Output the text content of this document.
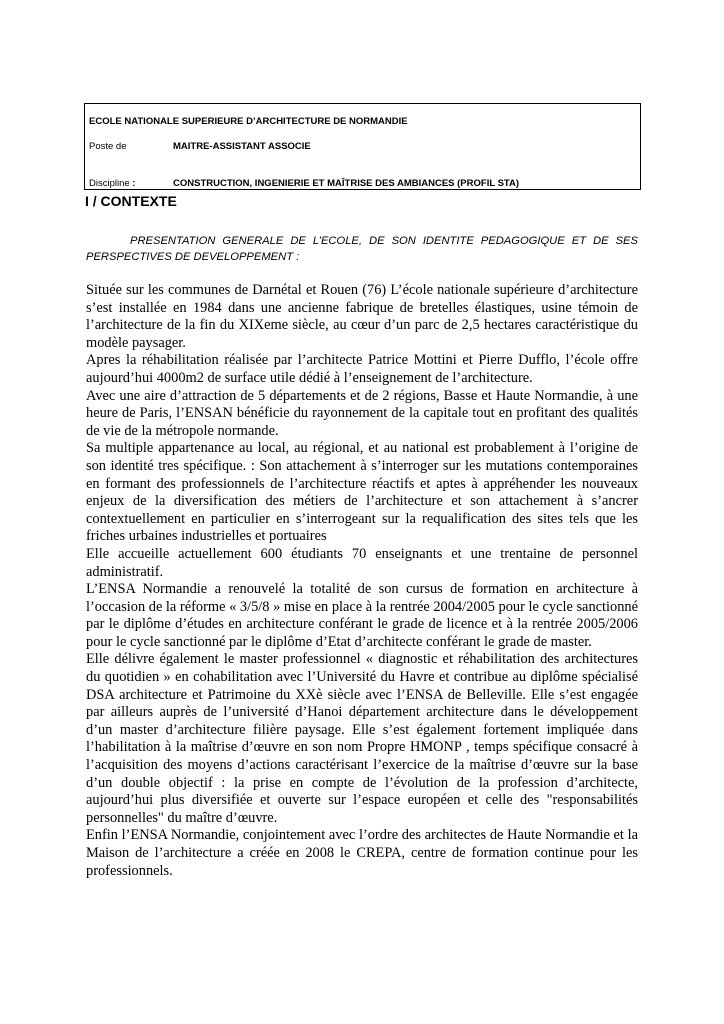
ECOLE NATIONALE SUPERIEURE D’ARCHITECTURE DE NORMANDIE
Poste de	MAITRE-ASSISTANT ASSOCIE
Discipline :	CONSTRUCTION, INGENIERIE ET MAÎTRISE DES AMBIANCES (PROFIL STA)
I / CONTEXTE

PRESENTATION GENERALE DE L’ECOLE, DE SON IDENTITE PEDAGOGIQUE ET DE SES PERSPECTIVES DE DEVELOPPEMENT :

Située sur les communes de Darnétal et Rouen (76) L’école nationale supérieure d’architecture s’est installée en 1984 dans une ancienne fabrique de bretelles élastiques, usine témoin de l’architecture de la fin du XIXeme siècle, au cœur d’un parc de 2,5 hectares caractéristique du modèle paysager.

Apres la réhabilitation réalisée par l’architecte Patrice Mottini et Pierre Dufflo, l’école offre aujourd’hui 4000m2 de surface utile dédié à l’enseignement de l’architecture.

Avec une aire d’attraction de 5 départements et de 2 régions, Basse et Haute Normandie, à une heure de Paris, l’ENSAN bénéficie du rayonnement de la capitale tout en profitant des qualités de vie de la métropole normande.

Sa multiple appartenance au local, au régional, et au national est probablement à l’origine de son identité tres spécifique. : Son attachement à s’interroger sur les mutations contemporaines en formant des professionnels de l’architecture réactifs et aptes à appréhender les nouveaux enjeux de la diversification des métiers de l’architecture et son attachement à s’ancrer contextuellement en particulier en s’interrogeant sur la requalification des sites tels que les friches urbaines industrielles et portuaires

Elle accueille actuellement 600 étudiants 70 enseignants et une trentaine de personnel administratif.

L’ENSA Normandie a renouvelé la totalité de son cursus de formation en architecture à l’occasion de la réforme « 3/5/8 » mise en place à la rentrée 2004/2005 pour le cycle sanctionné par le diplôme d’études en architecture conférant le grade de licence et à la rentrée 2005/2006 pour le cycle sanctionné par le diplôme d’Etat d’architecte conférant le grade de master.

Elle délivre également le master professionnel « diagnostic et réhabilitation des architectures du quotidien » en cohabilitation avec l’Université du Havre et contribue au diplôme spécialisé DSA architecture et Patrimoine du XXè siècle avec l’ENSA de Belleville. Elle s’est engagée par ailleurs auprès de l’université d’Hanoi département architecture dans le développement d’un master d’architecture filière paysage. Elle s’est également fortement impliquée dans l’habilitation à la maîtrise d’œuvre en son nom Propre HMONP , temps spécifique consacré à l’acquisition des moyens d’actions caractérisant l’exercice de la maîtrise d’œuvre sur la base d’un double objectif : la prise en compte de l’évolution de la profession d’architecte, aujourd’hui plus diversifiée et ouverte sur l’espace européen et celle des "responsabilités personnelles" du maître d’œuvre.

Enfin l’ENSA Normandie, conjointement avec l’ordre des architectes de Haute Normandie et la Maison de l’architecture a créée en 2008 le CREPA, centre de formation continue pour les professionnels.
